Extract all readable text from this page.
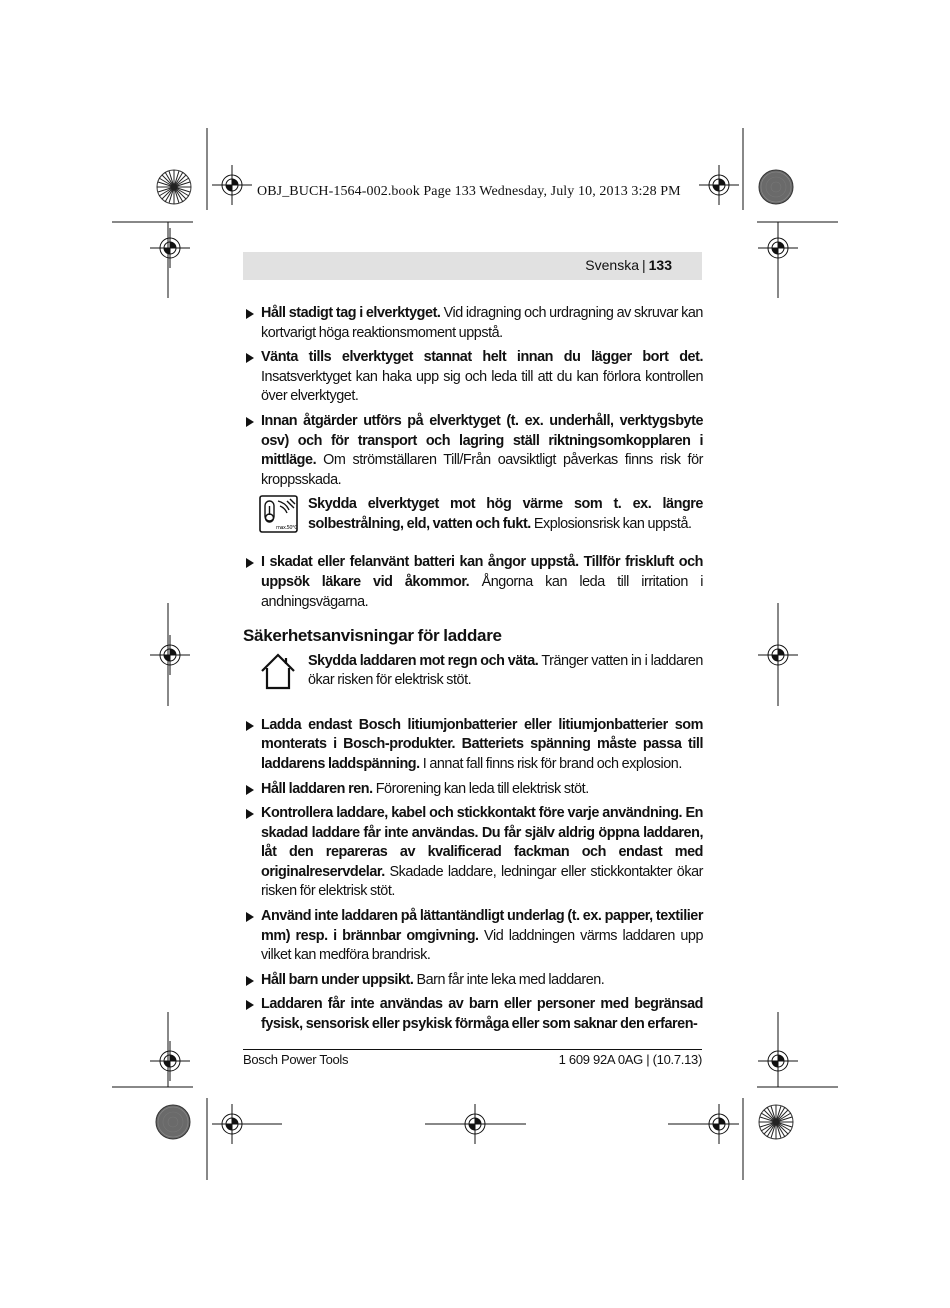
OBJ_BUCH-1564-002.book Page 133 Wednesday, July 10, 2013 3:28 PM
Svenska | 133
Håll stadigt tag i elverktyget. Vid idragning och urdragning av skruvar kan kortvarigt höga reaktionsmoment uppstå.
Vänta tills elverktyget stannat helt innan du lägger bort det. Insatsverktyget kan haka upp sig och leda till att du kan förlora kontrollen över elverktyget.
Innan åtgärder utförs på elverktyget (t. ex. underhåll, verktygsbyte osv) och för transport och lagring ställ riktningsomkopplaren i mittläge. Om strömställaren Till/Från oavsiktligt påverkas finns risk för kroppsskada.
max.50°C
Skydda elverktyget mot hög värme som t. ex. längre solbestrålning, eld, vatten och fukt. Explosionsrisk kan uppstå.
I skadat eller felanvänt batteri kan ångor uppstå. Tillför friskluft och uppsök läkare vid åkommor. Ångorna kan leda till irritation i andningsvägarna.
Säkerhetsanvisningar för laddare
Skydda laddaren mot regn och väta. Tränger vatten in i laddaren ökar risken för elektrisk stöt.
Ladda endast Bosch litiumjonbatterier eller litiumjonbatterier som monterats i Bosch-produkter. Batteriets spänning måste passa till laddarens laddspänning. I annat fall finns risk för brand och explosion.
Håll laddaren ren. Förorening kan leda till elektrisk stöt.
Kontrollera laddare, kabel och stickkontakt före varje användning. En skadad laddare får inte användas. Du får själv aldrig öppna laddaren, låt den repareras av kvalificerad fackman och endast med originalreservdelar. Skadade laddare, ledningar eller stickkontakter ökar risken för elektrisk stöt.
Använd inte laddaren på lättantändligt underlag (t. ex. papper, textilier mm) resp. i brännbar omgivning. Vid laddningen värms laddaren upp vilket kan medföra brandrisk.
Håll barn under uppsikt. Barn får inte leka med laddaren.
Laddaren får inte användas av barn eller personer med begränsad fysisk, sensorisk eller psykisk förmåga eller som saknar den erfaren-
Bosch Power Tools	1 609 92A 0AG | (10.7.13)
